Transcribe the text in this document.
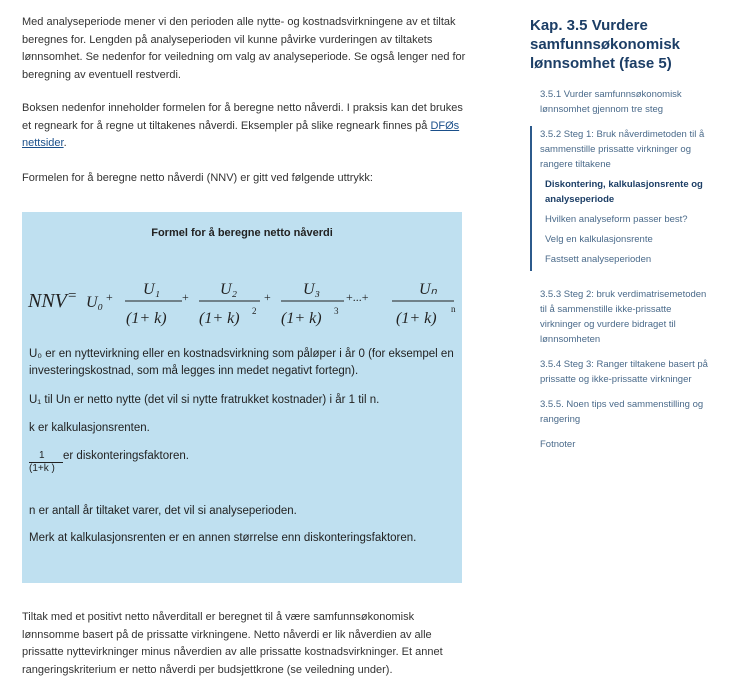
Med analyseperiode mener vi den perioden alle nytte- og kostnadsvirkningene av et tiltak beregnes for. Lengden på analyseperioden vil kunne påvirke vurderingen av tiltakets lønnsomhet. Se nedenfor for veiledning om valg av analyseperiode. Se også lenger ned for beregning av eventuell restverdi.

Boksen nedenfor inneholder formelen for å beregne netto nåverdi. I praksis kan det brukes et regneark for å regne ut tiltakenes nåverdi. Eksempler på slike regneark finnes på DFØs nettsider.

Formelen for å beregne netto nåverdi (NNV) er gitt ved følgende uttrykk:

Formel for å beregne netto nåverdi
NNV = U₀ + U₁
(1+ k)
+ U₂
(1+ k) 2
+ U₃
(1+ k) 3
+...+	Uₙ
(1+ k)
n

U₀ er en nyttevirkning eller en kostnadsvirkning som påløper i år 0 (for eksempel en investeringskostnad, som må legges inn medet negativt fortegn).

U₁ til Un er netto nytte (det vil si nytte fratrukket kostnader) i år 1 til n.

k er kalkulasjonsrenten.

1
(1+k )
er diskonteringsfaktoren.

n er antall år tiltaket varer, det vil si analyseperioden.

Merk at kalkulasjonsrenten er en annen størrelse enn diskonteringsfaktoren.

Tiltak med et positivt netto nåverditall er beregnet til å være samfunnsøkonomisk lønnsomme basert på de prissatte virkningene. Netto nåverdi er lik nåverdien av alle prissatte nyttevirkninger minus nåverdien av alle prissatte kostnadsvirkninger. Et annet rangeringskriterium er netto nåverdi per budsjettkrone (se veiledning under).

Kap. 3.5 Vurdere samfunnsøkonomisk lønnsomhet (fase 5)
3.5.1 Vurder samfunnsøkonomisk lønnsomhet gjennom tre steg
3.5.2 Steg 1: Bruk nåverdimetoden til å sammenstille prissatte virkninger og rangere tiltakene
Diskontering, kalkulasjonsrente og analyseperiode
Hvilken analyseform passer best?
Velg en kalkulasjonsrente
Fastsett analyseperioden
3.5.3 Steg 2: bruk verdimatrisemetoden til å sammenstille ikke-prissatte virkninger og vurdere bidraget til lønnsomheten
3.5.4 Steg 3: Ranger tiltakene basert på prissatte og ikke-prissatte virkninger
3.5.5. Noen tips ved sammenstilling og rangering
Fotnoter
